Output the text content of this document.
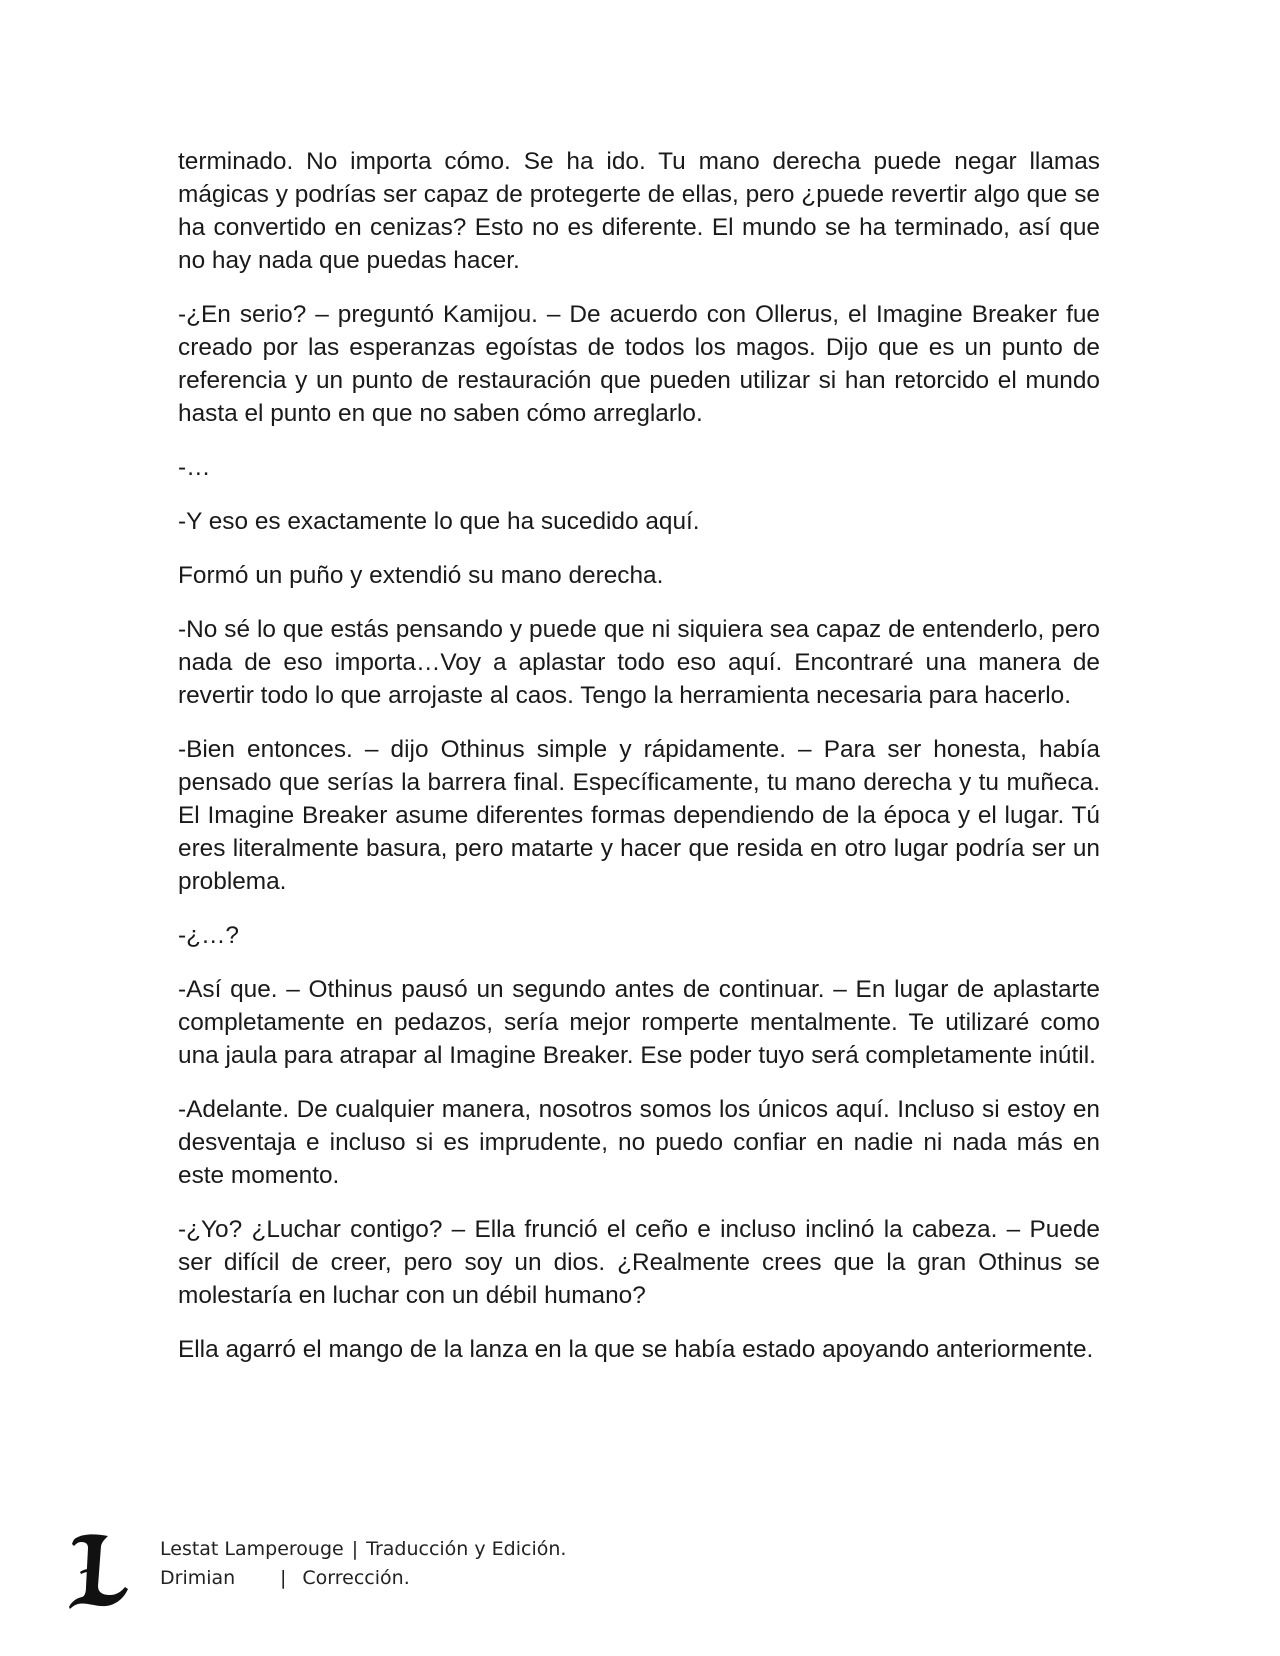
terminado. No importa cómo. Se ha ido. Tu mano derecha puede negar llamas mágicas y podrías ser capaz de protegerte de ellas, pero ¿puede revertir algo que se ha convertido en cenizas? Esto no es diferente. El mundo se ha terminado, así que no hay nada que puedas hacer.

-¿En serio? – preguntó Kamijou. – De acuerdo con Ollerus, el Imagine Breaker fue creado por las esperanzas egoístas de todos los magos. Dijo que es un punto de referencia y un punto de restauración que pueden utilizar si han retorcido el mundo hasta el punto en que no saben cómo arreglarlo.

-…

-Y eso es exactamente lo que ha sucedido aquí.

Formó un puño y extendió su mano derecha.

-No sé lo que estás pensando y puede que ni siquiera sea capaz de entenderlo, pero nada de eso importa…Voy a aplastar todo eso aquí. Encontraré una manera de revertir todo lo que arrojaste al caos. Tengo la herramienta necesaria para hacerlo.

-Bien entonces. – dijo Othinus simple y rápidamente. – Para ser honesta, había pensado que serías la barrera final. Específicamente, tu mano derecha y tu muñeca. El Imagine Breaker asume diferentes formas dependiendo de la época y el lugar. Tú eres literalmente basura, pero matarte y hacer que resida en otro lugar podría ser un problema.

-¿…?

-Así que. – Othinus pausó un segundo antes de continuar. – En lugar de aplastarte completamente en pedazos, sería mejor romperte mentalmente. Te utilizaré como una jaula para atrapar al Imagine Breaker. Ese poder tuyo será completamente inútil.

-Adelante. De cualquier manera, nosotros somos los únicos aquí. Incluso si estoy en desventaja e incluso si es imprudente, no puedo confiar en nadie ni nada más en este momento.

-¿Yo? ¿Luchar contigo? – Ella frunció el ceño e incluso inclinó la cabeza. – Puede ser difícil de creer, pero soy un dios. ¿Realmente crees que la gran Othinus se molestaría en luchar con un débil humano?

Ella agarró el mango de la lanza en la que se había estado apoyando anteriormente.

Lestat Lamperouge | Traducción y Edición.
Drimian	| Corrección.
